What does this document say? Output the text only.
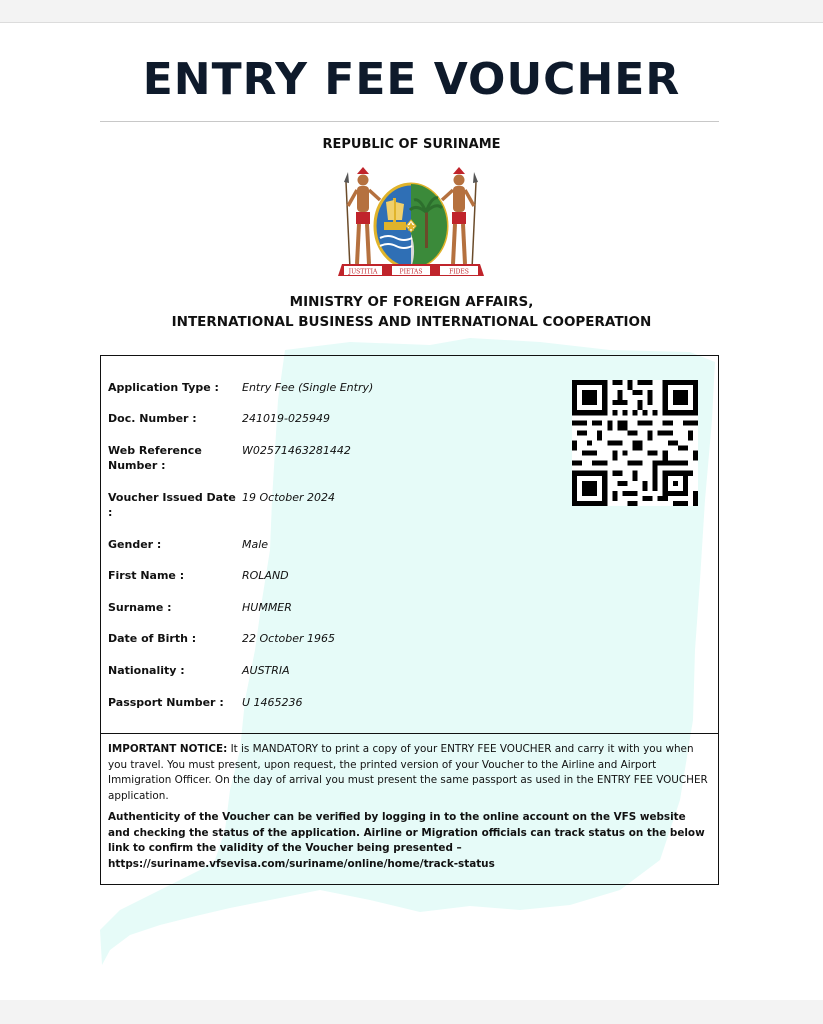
ENTRY FEE VOUCHER
REPUBLIC OF SURINAME
JUSTITIA	PIETAS	FIDES
MINISTRY OF FOREIGN AFFAIRS,
INTERNATIONAL BUSINESS AND INTERNATIONAL COOPERATION
Application Type :	Entry Fee (Single Entry)
Doc. Number :	241019-025949
Web Reference Number :
W02571463281442
Voucher Issued Date :
19 October 2024
Gender :	Male
First Name :	ROLAND
Surname :	HUMMER
Date of Birth :	22 October 1965
Nationality :	AUSTRIA
Passport Number :	U 1465236

IMPORTANT NOTICE: It is MANDATORY to print a copy of your ENTRY FEE VOUCHER and carry it with you when you travel. You must present, upon request, the printed version of your Voucher to the Airline and Airport Immigration Officer. On the day of arrival you must present the same passport as used in the ENTRY FEE VOUCHER application.

Authenticity of the Voucher can be verified by logging in to the online account on the VFS website and checking the status of the application. Airline or Migration officials can track status on the below link to confirm the validity of the Voucher being presented – https://suriname.vfsevisa.com/suriname/online/home/track-status
